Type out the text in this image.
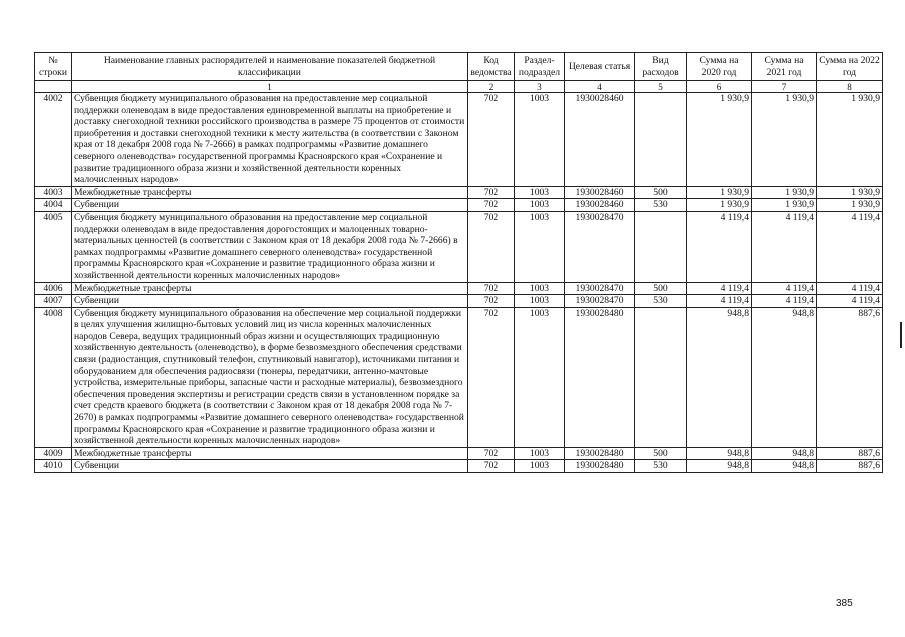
№ строки	Наименование главных распорядителей и наименование показателей бюджетной классификации	Код ведомства	Раздел-подраздел	Целевая статья	Вид расходов	Сумма на 2020 год	Сумма на 2021 год	Сумма на 2022 год
	1	2	3	4	5	6	7	8
4002	Субвенция бюджету муниципального образования на предоставление мер социальной поддержки оленеводам в виде предоставления единовременной выплаты на приобретение и доставку снегоходной техники российского производства в размере 75 процентов от стоимости приобретения и доставки снегоходной техники к месту жительства (в соответствии с Законом края от 18 декабря 2008 года № 7-2666) в рамках подпрограммы «Развитие домашнего северного оленеводства» государственной программы Красноярского края «Сохранение и развитие традиционного образа жизни и хозяйственной деятельности коренных малочисленных народов»	702	1003	1930028460		1 930,9	1 930,9	1 930,9
4003	Межбюджетные трансферты	702	1003	1930028460	500	1 930,9	1 930,9	1 930,9
4004	Субвенции	702	1003	1930028460	530	1 930,9	1 930,9	1 930,9
4005	Субвенция бюджету муниципального образования на предоставление мер социальной поддержки оленеводам в виде предоставления дорогостоящих и малоценных товарно-материальных ценностей (в соответствии с Законом края от 18 декабря 2008 года № 7-2666) в рамках подпрограммы «Развитие домашнего северного оленеводства» государственной программы Красноярского края «Сохранение и развитие традиционного образа жизни и хозяйственной деятельности коренных малочисленных народов»	702	1003	1930028470		4 119,4	4 119,4	4 119,4
4006	Межбюджетные трансферты	702	1003	1930028470	500	4 119,4	4 119,4	4 119,4
4007	Субвенции	702	1003	1930028470	530	4 119,4	4 119,4	4 119,4
4008	Субвенция бюджету муниципального образования на обеспечение мер социальной поддержки в целях улучшения жилищно-бытовых условий лиц из числа коренных малочисленных народов Севера, ведущих традиционный образ жизни и осуществляющих традиционную хозяйственную деятельность (оленеводство), в форме безвозмездного обеспечения средствами связи (радиостанция, спутниковый телефон, спутниковый навигатор), источниками питания и оборудованием для обеспечения радиосвязи (тюнеры, передатчики, антенно-мачтовые устройства, измерительные приборы, запасные части и расходные материалы), безвозмездного обеспечения проведения экспертизы и регистрации средств связи в установленном порядке за счет средств краевого бюджета (в соответствии с Законом края от 18 декабря 2008 года № 7-2670) в рамках подпрограммы «Развитие домашнего северного оленеводства» государственной программы Красноярского края «Сохранение и развитие традиционного образа жизни и хозяйственной деятельности коренных малочисленных народов»	702	1003	1930028480		948,8	948,8	887,6
4009	Межбюджетные трансферты	702	1003	1930028480	500	948,8	948,8	887,6
4010	Субвенции	702	1003	1930028480	530	948,8	948,8	887,6
385
